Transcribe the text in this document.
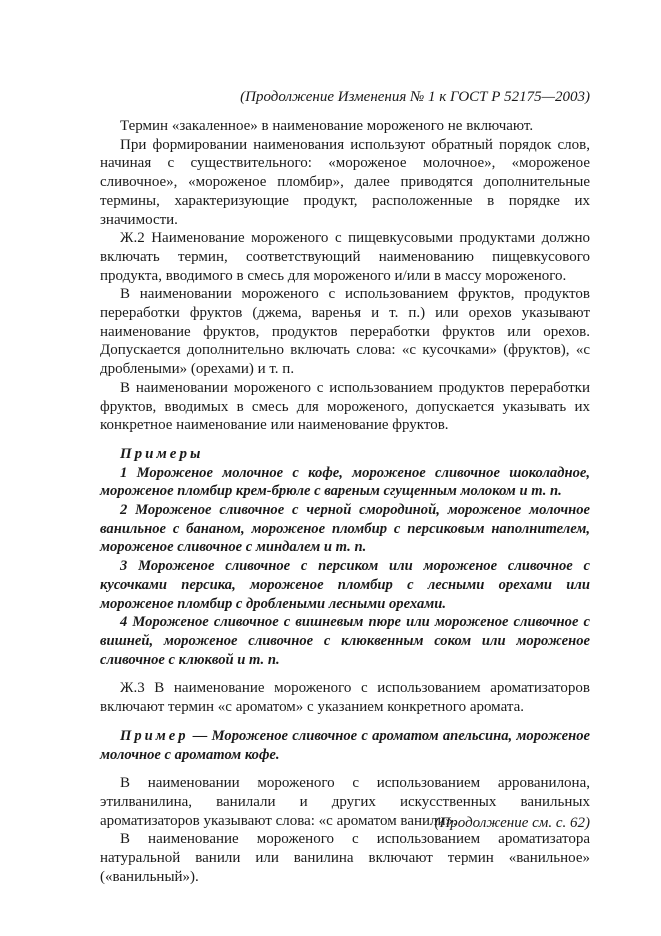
(Продолжение Изменения № 1 к ГОСТ Р 52175—2003)

Термин «закаленное» в наименование мороженого не включают.

При формировании наименования используют обратный порядок слов, начиная с существительного: «мороженое молочное», «мороженое сливочное», «мороженое пломбир», далее приводятся дополнительные термины, характеризующие продукт, расположенные в порядке их значимости.

Ж.2 Наименование мороженого с пищевкусовыми продуктами должно включать термин, соответствующий наименованию пищевкусового продукта, вводимого в смесь для мороженого и/или в массу мороженого.

В наименовании мороженого с использованием фруктов, продуктов переработки фруктов (джема, варенья и т. п.) или орехов указывают наименование фруктов, продуктов переработки фруктов или орехов. Допускается дополнительно включать слова: «с кусочками» (фруктов), «с дроблеными» (орехами) и т. п.

В наименовании мороженого с использованием продуктов переработки фруктов, вводимых в смесь для мороженого, допускается указывать их конкретное наименование или наименование фруктов.

Примеры

1 Мороженое молочное с кофе, мороженое сливочное шоколадное, мороженое пломбир крем-брюле с вареным сгущенным молоком и т. п.

2 Мороженое сливочное с черной смородиной, мороженое молочное ванильное с бананом, мороженое пломбир с персиковым наполнителем, мороженое сливочное с миндалем и т. п.

3 Мороженое сливочное с персиком или мороженое сливочное с кусочками персика, мороженое пломбир с лесными орехами или мороженое пломбир с дроблеными лесными орехами.

4 Мороженое сливочное с вишневым пюре или мороженое сливочное с вишней, мороженое сливочное с клюквенным соком или мороженое сливочное с клюквой и т. п.

Ж.3 В наименование мороженого с использованием ароматизаторов включают термин «с ароматом» с указанием конкретного аромата.

Пример — Мороженое сливочное с ароматом апельсина, мороженое молочное с ароматом кофе.

В наименовании мороженого с использованием аррованилона, этилванилина, ванилали и других искусственных ванильных ароматизаторов указывают слова: «с ароматом ванили».

В наименование мороженого с использованием ароматизатора натуральной ванили или ванилина включают термин «ванильное» («ванильный»).

(Продолжение см. с. 62)
